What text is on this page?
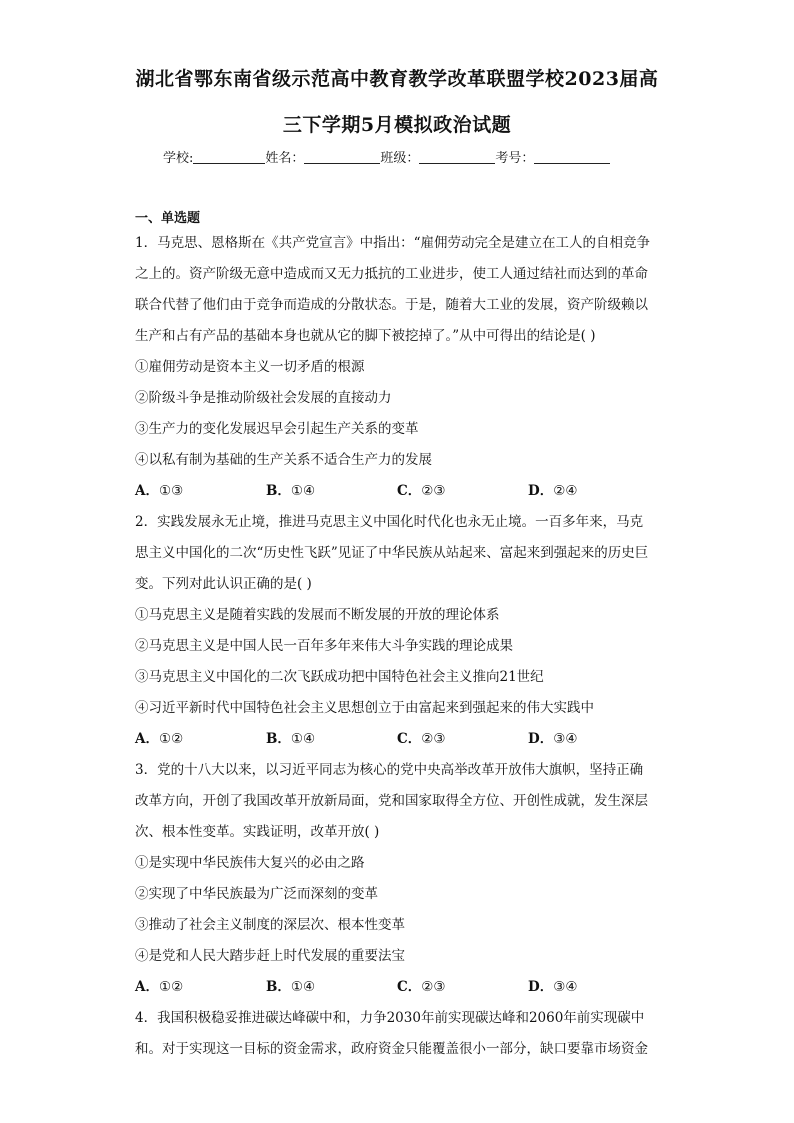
湖北省鄂东南省级示范高中教育教学改革联盟学校2023届高
三下学期5月模拟政治试题
学校:	姓名：	班级：	考号：
一、单选题
1．马克思、恩格斯在《共产党宣言》中指出：“雇佣劳动完全是建立在工人的自相竞争
之上的。资产阶级无意中造成而又无力抵抗的工业进步，使工人通过结社而达到的革命
联合代替了他们由于竞争而造成的分散状态。于是，随着大工业的发展，资产阶级赖以
生产和占有产品的基础本身也就从它的脚下被挖掉了。”从中可得出的结论是( )
①雇佣劳动是资本主义一切矛盾的根源
②阶级斗争是推动阶级社会发展的直接动力
③生产力的变化发展迟早会引起生产关系的变革
④以私有制为基础的生产关系不适合生产力的发展
A．①③	B．①④	C．②③	D．②④
2．实践发展永无止境，推进马克思主义中国化时代化也永无止境。一百多年来，马克
思主义中国化的二次“历史性飞跃”见证了中华民族从站起来、富起来到强起来的历史巨
变。下列对此认识正确的是( )
①马克思主义是随着实践的发展而不断发展的开放的理论体系
②马克思主义是中国人民一百年多年来伟大斗争实践的理论成果
③马克思主义中国化的二次飞跃成功把中国特色社会主义推向21世纪
④习近平新时代中国特色社会主义思想创立于由富起来到强起来的伟大实践中
A．①②	B．①④	C．②③	D．③④
3．党的十八大以来，以习近平同志为核心的党中央高举改革开放伟大旗帜，坚持正确
改革方向，开创了我国改革开放新局面，党和国家取得全方位、开创性成就，发生深层
次、根本性变革。实践证明，改革开放( )
①是实现中华民族伟大复兴的必由之路
②实现了中华民族最为广泛而深刻的变革
③推动了社会主义制度的深层次、根本性变革
④是党和人民大踏步赶上时代发展的重要法宝
A．①②	B．①④	C．②③	D．③④
4．我国积极稳妥推进碳达峰碳中和，力争2030年前实现碳达峰和2060年前实现碳中
和。对于实现这一目标的资金需求，政府资金只能覆盖很小一部分，缺口要靠市场资金
